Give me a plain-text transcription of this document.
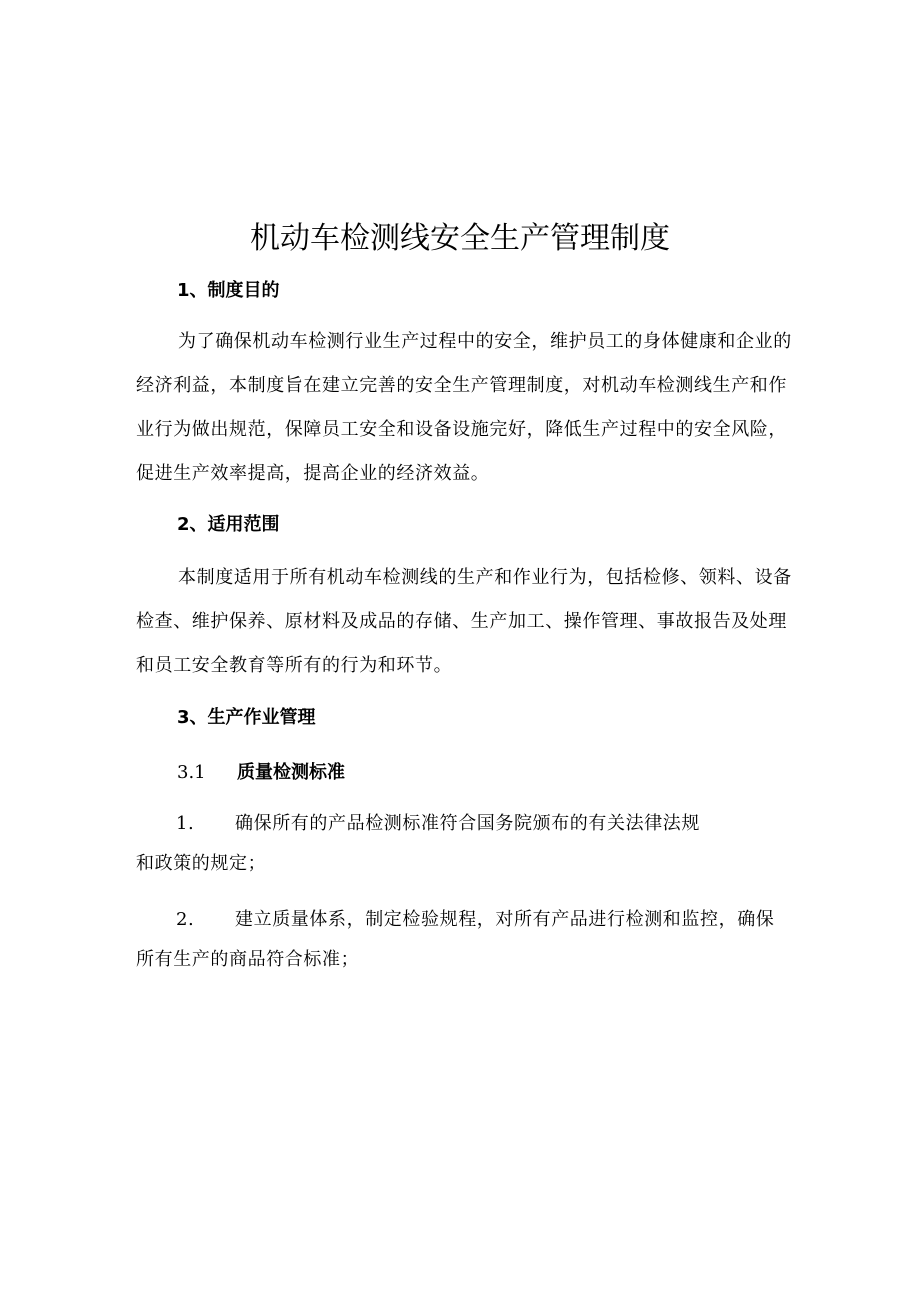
机动车检测线安全生产管理制度
1、制度目的
为了确保机动车检测行业生产过程中的安全，维护员工的身体健康和企业的经济利益，本制度旨在建立完善的安全生产管理制度，对机动车检测线生产和作业行为做出规范，保障员工安全和设备设施完好，降低生产过程中的安全风险，促进生产效率提高，提高企业的经济效益。
2、适用范围
本制度适用于所有机动车检测线的生产和作业行为，包括检修、领料、设备检查、维护保养、原材料及成品的存储、生产加工、操作管理、事故报告及处理和员工安全教育等所有的行为和环节。
3、生产作业管理
3.1 质量检测标准
1. 确保所有的产品检测标准符合国务院颁布的有关法律法规
和政策的规定；
2. 建立质量体系，制定检验规程，对所有产品进行检测和监控，确保
所有生产的商品符合标准；
